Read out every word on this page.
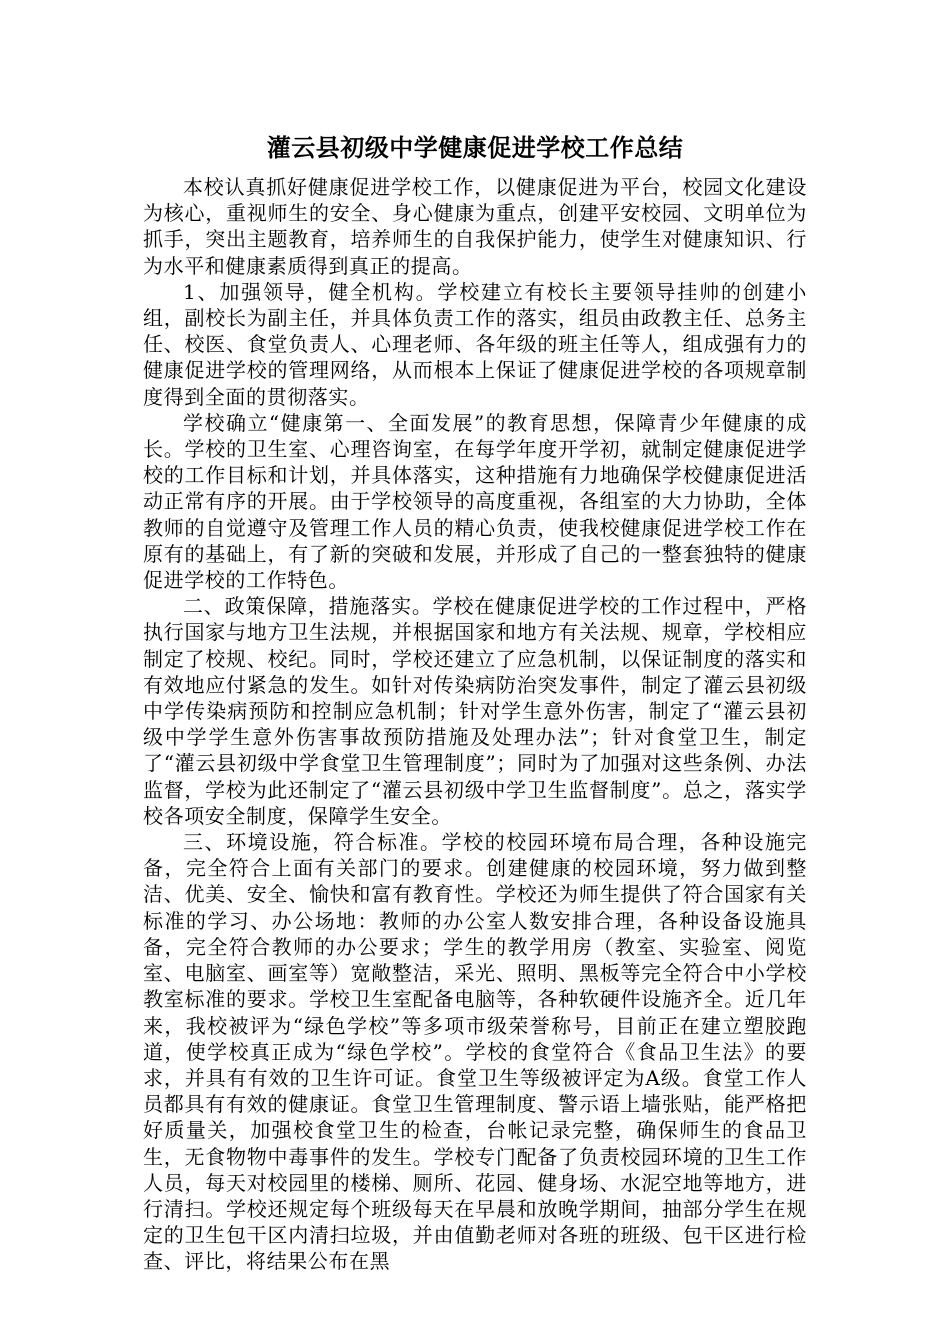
灌云县初级中学健康促进学校工作总结

本校认真抓好健康促进学校工作，以健康促进为平台，校园文化建设为核心，重视师生的安全、身心健康为重点，创建平安校园、文明单位为抓手，突出主题教育，培养师生的自我保护能力，使学生对健康知识、行为水平和健康素质得到真正的提高。

1、加强领导，健全机构。学校建立有校长主要领导挂帅的创建小组，副校长为副主任，并具体负责工作的落实，组员由政教主任、总务主任、校医、食堂负责人、心理老师、各年级的班主任等人，组成强有力的健康促进学校的管理网络，从而根本上保证了健康促进学校的各项规章制度得到全面的贯彻落实。

学校确立“健康第一、全面发展”的教育思想，保障青少年健康的成长。学校的卫生室、心理咨询室，在每学年度开学初，就制定健康促进学校的工作目标和计划，并具体落实，这种措施有力地确保学校健康促进活动正常有序的开展。由于学校领导的高度重视，各组室的大力协助，全体教师的自觉遵守及管理工作人员的精心负责，使我校健康促进学校工作在原有的基础上，有了新的突破和发展，并形成了自己的一整套独特的健康促进学校的工作特色。

二、政策保障，措施落实。学校在健康促进学校的工作过程中，严格执行国家与地方卫生法规，并根据国家和地方有关法规、规章，学校相应制定了校规、校纪。同时，学校还建立了应急机制，以保证制度的落实和有效地应付紧急的发生。如针对传染病防治突发事件，制定了灌云县初级中学传染病预防和控制应急机制；针对学生意外伤害，制定了“灌云县初级中学学生意外伤害事故预防措施及处理办法”；针对食堂卫生，制定了“灌云县初级中学食堂卫生管理制度”；同时为了加强对这些条例、办法监督，学校为此还制定了“灌云县初级中学卫生监督制度”。总之，落实学校各项安全制度，保障学生安全。

三、环境设施，符合标准。学校的校园环境布局合理，各种设施完备，完全符合上面有关部门的要求。创建健康的校园环境，努力做到整洁、优美、安全、愉快和富有教育性。学校还为师生提供了符合国家有关标准的学习、办公场地：教师的办公室人数安排合理，各种设备设施具备，完全符合教师的办公要求；学生的教学用房（教室、实验室、阅览室、电脑室、画室等）宽敞整洁，采光、照明、黑板等完全符合中小学校教室标准的要求。学校卫生室配备电脑等，各种软硬件设施齐全。近几年来，我校被评为“绿色学校”等多项市级荣誉称号，目前正在建立塑胶跑道，使学校真正成为“绿色学校”。学校的食堂符合《食品卫生法》的要求，并具有有效的卫生许可证。食堂卫生等级被评定为A级。食堂工作人员都具有有效的健康证。食堂卫生管理制度、警示语上墙张贴，能严格把好质量关，加强校食堂卫生的检查，台帐记录完整，确保师生的食品卫生，无食物物中毒事件的发生。学校专门配备了负责校园环境的卫生工作人员，每天对校园里的楼梯、厕所、花园、健身场、水泥空地等地方，进行清扫。学校还规定每个班级每天在早晨和放晚学期间，抽部分学生在规定的卫生包干区内清扫垃圾，并由值勤老师对各班的班级、包干区进行检查、评比，将结果公布在黑
